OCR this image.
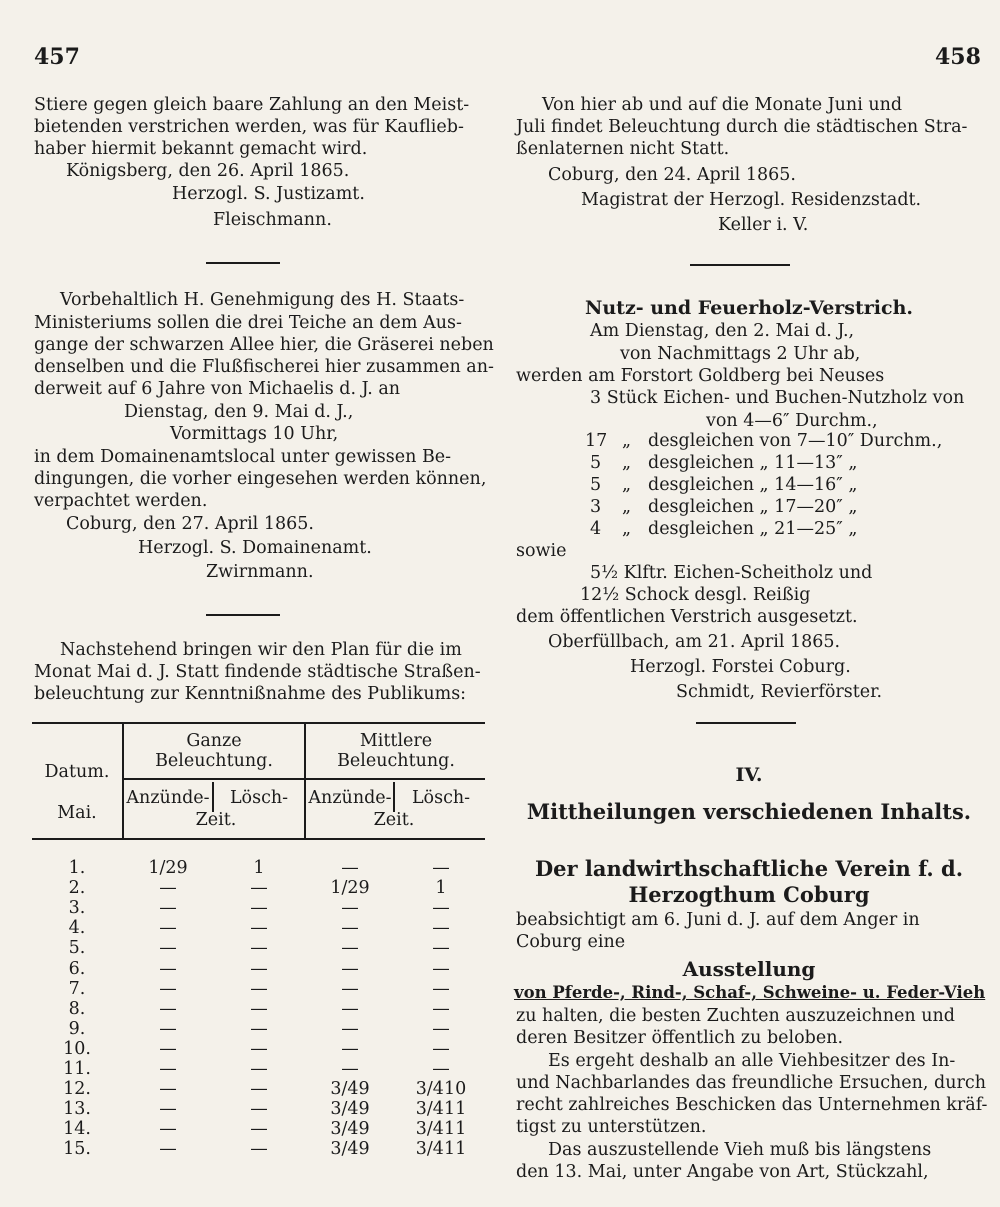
457	458
Stiere gegen gleich baare Zahlung an den Meist-
bietenden verstrichen werden, was für Kauflieb-
haber hiermit bekannt gemacht wird.
Königsberg, den 26. April 1865.
Herzogl. S. Justizamt.
Fleischmann.
Vorbehaltlich H. Genehmigung des H. Staats-
Ministeriums sollen die drei Teiche an dem Aus-
gange der schwarzen Allee hier, die Gräserei neben
denselben und die Flußfischerei hier zusammen an-
derweit auf 6 Jahre von Michaelis d. J. an
Dienstag, den 9. Mai d. J.,
Vormittags 10 Uhr,
in dem Domainenamtslocal unter gewissen Be-
dingungen, die vorher eingesehen werden können,
verpachtet werden.
Coburg, den 27. April 1865.
Herzogl. S. Domainenamt.
Zwirnmann.
Nachstehend bringen wir den Plan für die im
Monat Mai d. J. Statt findende städtische Straßen-
beleuchtung zur Kenntnißnahme des Publikums:
Datum.
Mai.
Ganze
Beleuchtung.
Mittlere
Beleuchtung.
Anzünde-	Lösch-
Zeit.
Anzünde-	Lösch-
Zeit.
1.	1/29	1	—	—
2.	—	—	1/29	1
3.	—	—	—	—
4.	—	—	—	—
5.	—	—	—	—
6.	—	—	—	—
7.	—	—	—	—
8.	—	—	—	—
9.	—	—	—	—
10.	—	—	—	—
11.	—	—	—	—
12.	—	—	3/49	3/410
13.	—	—	3/49	3/411
14.	—	—	3/49	3/411
15.	—	—	3/49	3/411
Von hier ab und auf die Monate Juni und
Juli findet Beleuchtung durch die städtischen Stra-
ßenlaternen nicht Statt.
Coburg, den 24. April 1865.
Magistrat der Herzogl. Residenzstadt.
Keller i. V.
Nutz- und Feuerholz-Verstrich.
Am Dienstag, den 2. Mai d. J.,
von Nachmittags 2 Uhr ab,
werden am Forstort Goldberg bei Neuses
3 Stück Eichen- und Buchen-Nutzholz von
von 4—6″ Durchm.,
17 „ desgleichen von 7—10″ Durchm.,
5 „ desgleichen „ 11—13″ „
5 „ desgleichen „ 14—16″ „
3 „ desgleichen „ 17—20″ „
4 „ desgleichen „ 21—25″ „
sowie
5½ Klftr. Eichen-Scheitholz und
12½ Schock desgl. Reißig
dem öffentlichen Verstrich ausgesetzt.
Oberfüllbach, am 21. April 1865.
Herzogl. Forstei Coburg.
Schmidt, Revierförster.
IV.
Mittheilungen verschiedenen Inhalts.
Der landwirthschaftliche Verein f. d.
Herzogthum Coburg
beabsichtigt am 6. Juni d. J. auf dem Anger in
Coburg eine
Ausstellung
von Pferde-, Rind-, Schaf-, Schweine- u. Feder-Vieh
zu halten, die besten Zuchten auszuzeichnen und
deren Besitzer öffentlich zu beloben.
Es ergeht deshalb an alle Viehbesitzer des In-
und Nachbarlandes das freundliche Ersuchen, durch
recht zahlreiches Beschicken das Unternehmen kräf-
tigst zu unterstützen.
Das auszustellende Vieh muß bis längstens
den 13. Mai, unter Angabe von Art, Stückzahl,
